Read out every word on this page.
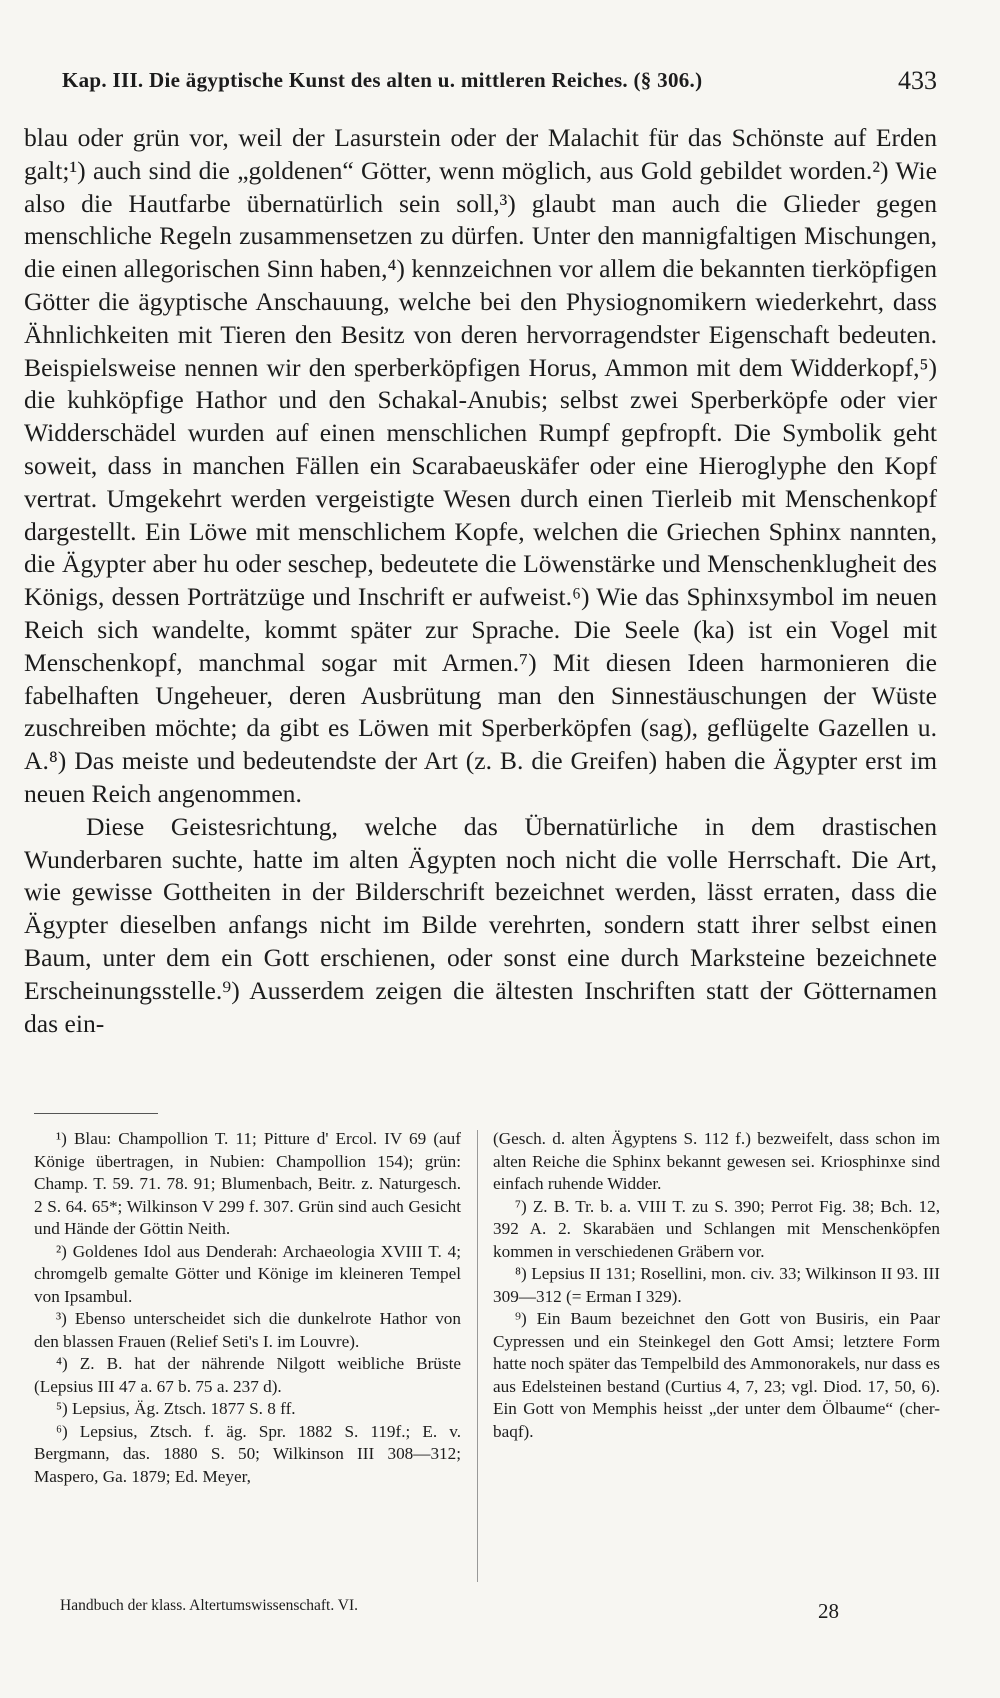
Kap. III. Die ägyptische Kunst des alten u. mittleren Reiches. (§ 306.)	433

blau oder grün vor, weil der Lasurstein oder der Malachit für das Schönste auf Erden galt;¹) auch sind die „goldenen“ Götter, wenn möglich, aus Gold gebildet worden.²) Wie also die Hautfarbe übernatürlich sein soll,³) glaubt man auch die Glieder gegen menschliche Regeln zusammensetzen zu dürfen. Unter den mannigfaltigen Mischungen, die einen allegorischen Sinn haben,⁴) kennzeichnen vor allem die bekannten tierköpfigen Götter die ägyptische Anschauung, welche bei den Physiognomikern wiederkehrt, dass Ähnlichkeiten mit Tieren den Besitz von deren hervorragendster Eigenschaft bedeuten. Beispielsweise nennen wir den sperberköpfigen Horus, Ammon mit dem Widderkopf,⁵) die kuhköpfige Hathor und den Schakal-Anubis; selbst zwei Sperberköpfe oder vier Widderschädel wurden auf einen menschlichen Rumpf gepfropft. Die Symbolik geht soweit, dass in manchen Fällen ein Scarabaeuskäfer oder eine Hieroglyphe den Kopf vertrat. Umgekehrt werden vergeistigte Wesen durch einen Tierleib mit Menschenkopf dargestellt. Ein Löwe mit menschlichem Kopfe, welchen die Griechen Sphinx nannten, die Ägypter aber hu oder seschep, bedeutete die Löwenstärke und Menschenklugheit des Königs, dessen Porträtzüge und Inschrift er aufweist.⁶) Wie das Sphinxsymbol im neuen Reich sich wandelte, kommt später zur Sprache. Die Seele (ka) ist ein Vogel mit Menschenkopf, manchmal sogar mit Armen.⁷) Mit diesen Ideen harmonieren die fabelhaften Ungeheuer, deren Ausbrütung man den Sinnestäuschungen der Wüste zuschreiben möchte; da gibt es Löwen mit Sperberköpfen (sag), geflügelte Gazellen u. A.⁸) Das meiste und bedeutendste der Art (z. B. die Greifen) haben die Ägypter erst im neuen Reich angenommen.

Diese Geistesrichtung, welche das Übernatürliche in dem drastischen Wunderbaren suchte, hatte im alten Ägypten noch nicht die volle Herrschaft. Die Art, wie gewisse Gottheiten in der Bilderschrift bezeichnet werden, lässt erraten, dass die Ägypter dieselben anfangs nicht im Bilde verehrten, sondern statt ihrer selbst einen Baum, unter dem ein Gott erschienen, oder sonst eine durch Marksteine bezeichnete Erscheinungsstelle.⁹) Ausserdem zeigen die ältesten Inschriften statt der Götternamen das ein-

¹) Blau: Champollion T. 11; Pitture d' Ercol. IV 69 (auf Könige übertragen, in Nubien: Champollion 154); grün: Champ. T. 59. 71. 78. 91; Blumenbach, Beitr. z. Naturgesch. 2 S. 64. 65*; Wilkinson V 299 f. 307. Grün sind auch Gesicht und Hände der Göttin Neith.

²) Goldenes Idol aus Denderah: Archaeologia XVIII T. 4; chromgelb gemalte Götter und Könige im kleineren Tempel von Ipsambul.

³) Ebenso unterscheidet sich die dunkelrote Hathor von den blassen Frauen (Relief Seti's I. im Louvre).

⁴) Z. B. hat der nährende Nilgott weibliche Brüste (Lepsius III 47 a. 67 b. 75 a. 237 d).

⁵) Lepsius, Äg. Ztsch. 1877 S. 8 ff.

⁶) Lepsius, Ztsch. f. äg. Spr. 1882 S. 119f.; E. v. Bergmann, das. 1880 S. 50; Wilkinson III 308—312; Maspero, Ga. 1879; Ed. Meyer,

(Gesch. d. alten Ägyptens S. 112 f.) bezweifelt, dass schon im alten Reiche die Sphinx bekannt gewesen sei. Kriosphinxe sind einfach ruhende Widder.

⁷) Z. B. Tr. b. a. VIII T. zu S. 390; Perrot Fig. 38; Bch. 12, 392 A. 2. Skarabäen und Schlangen mit Menschenköpfen kommen in verschiedenen Gräbern vor.

⁸) Lepsius II 131; Rosellini, mon. civ. 33; Wilkinson II 93. III 309—312 (= Erman I 329).

⁹) Ein Baum bezeichnet den Gott von Busiris, ein Paar Cypressen und ein Steinkegel den Gott Amsi; letztere Form hatte noch später das Tempelbild des Ammonorakels, nur dass es aus Edelsteinen bestand (Curtius 4, 7, 23; vgl. Diod. 17, 50, 6). Ein Gott von Memphis heisst „der unter dem Ölbaume“ (cher-baqf).

Handbuch der klass. Altertumswissenschaft. VI.	28
